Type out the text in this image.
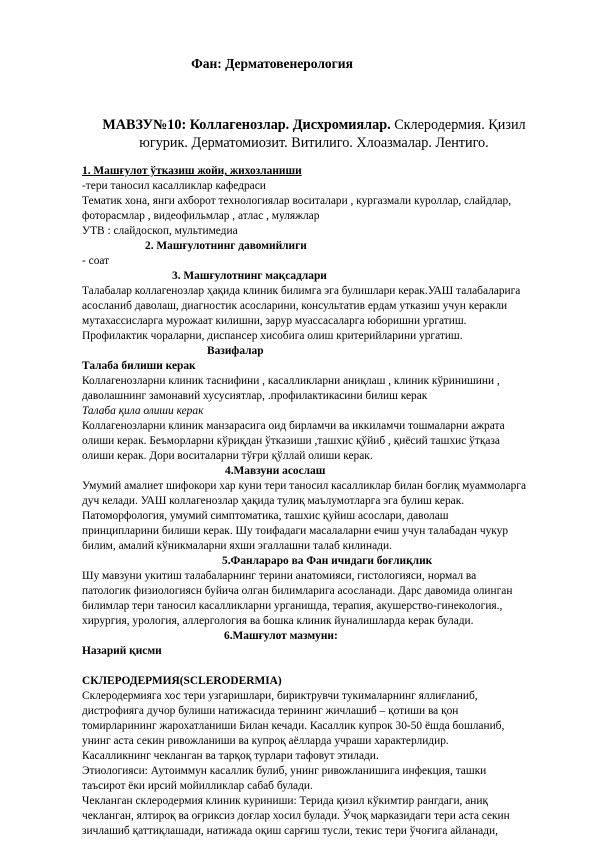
Фан: Дерматовенерология
МАВЗУ№10: Коллагенозлар. Дисхромиялар. Склеродермия. Қизил
югурик. Дерматомиозит. Витилиго. Хлоазмалар. Лентиго.
1. Машғулот ўтказиш жойи, жихозланиши
-тери таносил касалликлар кафедраси
Тематик хона, янги ахборот технологиялар воситалари , кургазмали куроллар, слайдлар,
фоторасмлар , видеофильмлар , атлас , муляжлар
УТВ : слайдоскоп, мультимедиа
2. Машғулотнинг давомийлиги
- соат
3. Машғулотнинг мақсадлари
Талабалар коллагенозлар ҳақида клиник билимга эга булишлари керак.УАШ талабаларига
асосланиб даволаш, диагностик асосларини, консультатив ердам утказиш учун керакли
мутахассисларга мурожаат килишни, зарур муассасаларга юборишни ургатиш.
Профилактик чораларни, диспансер хисобига олиш критерийларини ургатиш.
Вазифалар
Талаба билиши керак
Коллагенозларни клиник таснифини , касалликларни аниқлаш , клиник кўринишини ,
даволашнинг замонавий хусусиятлар, .профилактикасини билиш керак
Талаба қила олиши керак
Коллагенозларни клиник манзарасига оид бирламчи ва иккиламчи тошмаларни ажрата
олиши керак. Беъморларни кўриқдан ўтказиши ,ташхис қўйиб , қиёсий ташхис ўтқаза
олиши керак. Дори воситаларни тўғри қўллай олиши керак.
4.Мавзуни асослаш
Умумий амалиет шифокори хар куни тери таносил касалликлар билан боғлиқ муаммоларга
дуч келади. УАШ коллагенозлар ҳақида тулиқ маълумотларга эга булиш керак.
Патоморфология, умумий симптоматика, ташхис қуйиш асослари, даволаш
принципларини билиши керак. Шу тоифадаги масалаларни ечиш учун талабадан чукур
билим, амалий кўникмаларни яхши эгаллашни талаб килинади.
5.Фанлараро ва Фан ичидаги боғлиқлик
Шу мавзуни укитиш талабаларнинг терини анатомияси, гистологияси, нормал ва
патологик физиологиясн буйича олган билимларига асосланади. Дарс давомида олинган
билимлар тери таносил касалликларни урганишда, терапия, акушерство-гинекология.,
хирургия, урология, аллергология ва бошка клиник йуналишларда керак булади.
6.Машғулот мазмуни:
Назарий қисми
СКЛЕРОДЕРМИЯ(SCLERODERMIA)
Склеродермияга хос тери узгаришлари, бириктрувчи тукималарнинг яллиғланиб,
дистрофияга дучор булиши натижасида терининг жичлашиб – қотиши ва қон
томирларининг жарохатланиши Билан кечади. Касаллик купрок 30-50 ёшда бошланиб,
унинг аста секин ривожланиши ва купроқ аёлларда учраши характерлидир.
Касалликнинг чекланган ва тарқоқ турлари тафовут этилади.
Этиологияси: Аутоиммун касаллик булиб, унинг ривожланишига инфекция, ташки
таъсирот ёки ирсий мойилликлар сабаб булади.
Чекланган склеродермия клиник куриниши: Терида қизил кўкимтир рангдаги, аниқ
чекланган, ялтироқ ва оғриксиз доғлар хосил булади. Ўчоқ марказидаги тери аста секин
зичлашиб қаттиқлашади, натижада оқиш сарғиш тусли, текис тери ўчоғига айланади,
